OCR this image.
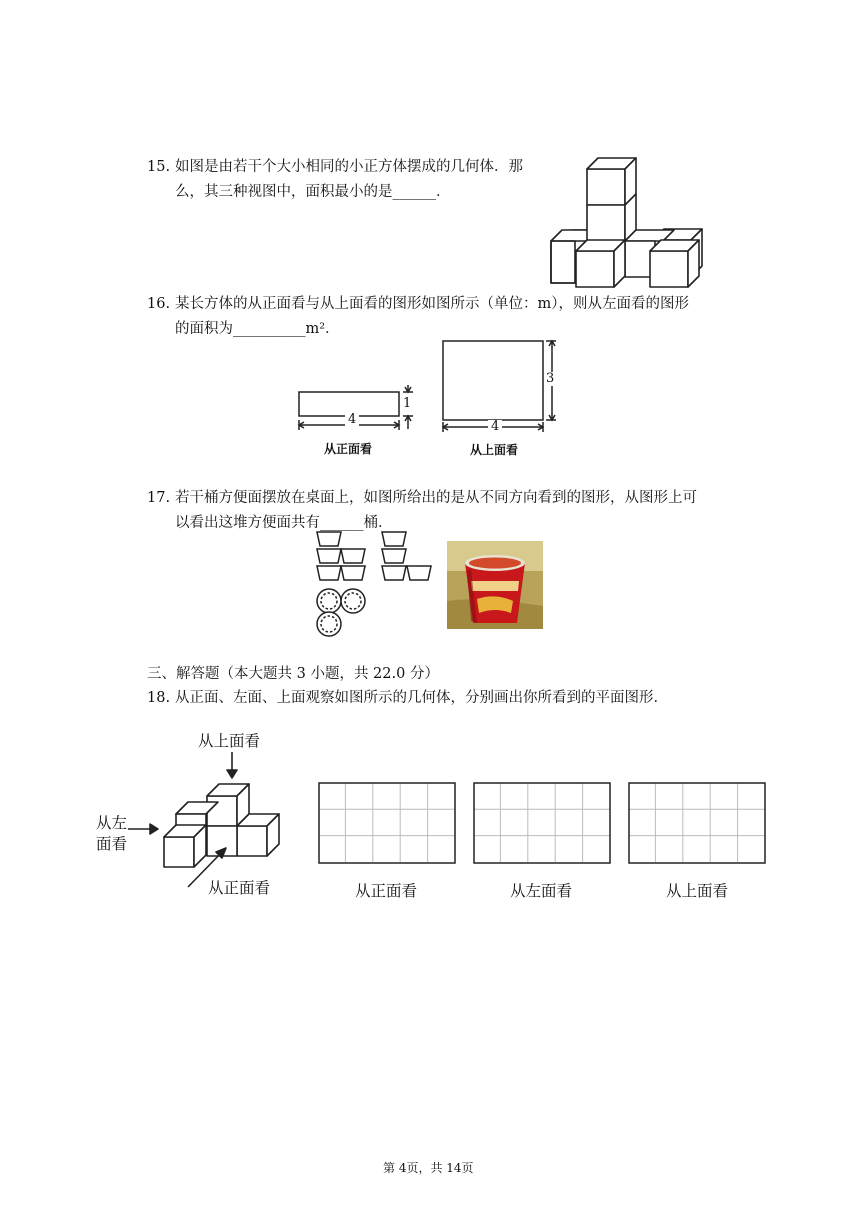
15. 如图是由若干个大小相同的小正方体摆成的几何体．那
么，其三种视图中，面积最小的是______．
16. 某长方体的从正面看与从上面看的图形如图所示（单位：m），则从左面看的图形
的面积为__________m²．
4
1
从正面看
4
3
从上面看
17. 若干桶方便面摆放在桌面上，如图所给出的是从不同方向看到的图形，从图形上可
以看出这堆方便面共有______桶．
三、解答题（本大题共 3 小题，共 22.0 分）
18. 从正面、左面、上面观察如图所示的几何体，分别画出你所看到的平面图形．
从上面看
从左
面看
从正面看	从正面看	从左面看	从上面看
第 4页，共 14页
